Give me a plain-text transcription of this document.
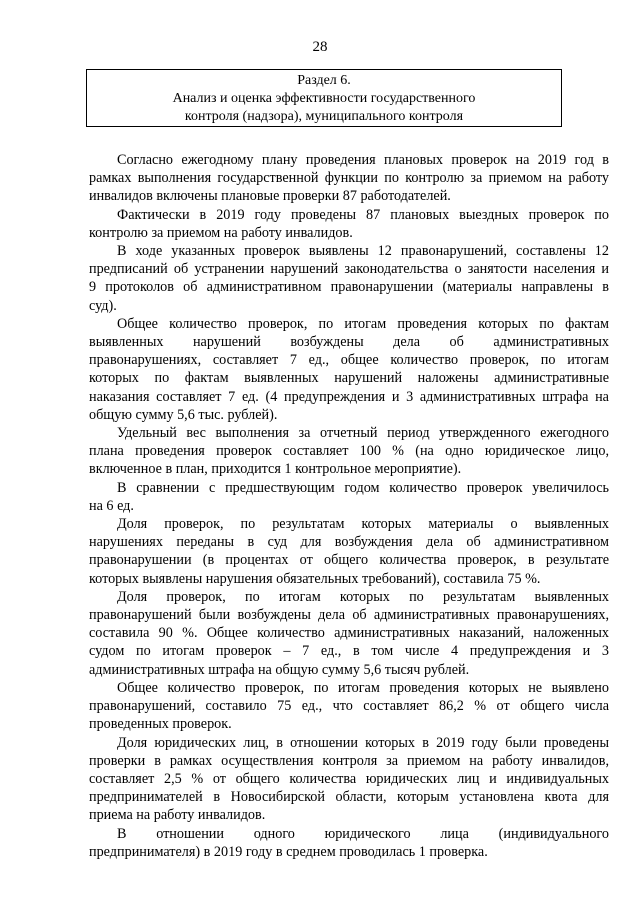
28
Раздел 6.
Анализ и оценка эффективности государственного
контроля (надзора), муниципального контроля

Согласно ежегодному плану проведения плановых проверок на 2019 год в
рамках выполнения государственной функции по контролю за приемом на работу
инвалидов включены плановые проверки 87 работодателей.

Фактически в 2019 году проведены 87 плановых выездных проверок по
контролю за приемом на работу инвалидов.

В ходе указанных проверок выявлены 12 правонарушений, составлены 12
предписаний об устранении нарушений законодательства о занятости населения и
9 протоколов об административном правонарушении (материалы направлены в
суд).

Общее количество проверок, по итогам проведения которых по фактам
выявленных нарушений возбуждены дела об административных
правонарушениях, составляет 7 ед., общее количество проверок, по итогам
которых по фактам выявленных нарушений наложены административные
наказания составляет 7 ед. (4 предупреждения и 3 административных штрафа на
общую сумму 5,6 тыс. рублей).

Удельный вес выполнения за отчетный период утвержденного ежегодного
плана проведения проверок составляет 100 % (на одно юридическое лицо,
включенное в план, приходится 1 контрольное мероприятие).

В сравнении с предшествующим годом количество проверок увеличилось
на 6 ед.

Доля проверок, по результатам которых материалы о выявленных
нарушениях переданы в суд для возбуждения дела об административном
правонарушении (в процентах от общего количества проверок, в результате
которых выявлены нарушения обязательных требований), составила 75 %.

Доля проверок, по итогам которых по результатам выявленных
правонарушений были возбуждены дела об административных правонарушениях,
составила 90 %. Общее количество административных наказаний, наложенных
судом по итогам проверок – 7 ед., в том числе 4 предупреждения и 3
административных штрафа на общую сумму 5,6 тысяч рублей.

Общее количество проверок, по итогам проведения которых не выявлено
правонарушений, составило 75 ед., что составляет 86,2 % от общего числа
проведенных проверок.

Доля юридических лиц, в отношении которых в 2019 году были проведены
проверки в рамках осуществления контроля за приемом на работу инвалидов,
составляет 2,5 % от общего количества юридических лиц и индивидуальных
предпринимателей в Новосибирской области, которым установлена квота для
приема на работу инвалидов.

В отношении одного юридического лица (индивидуального
предпринимателя) в 2019 году в среднем проводилась 1 проверка.
